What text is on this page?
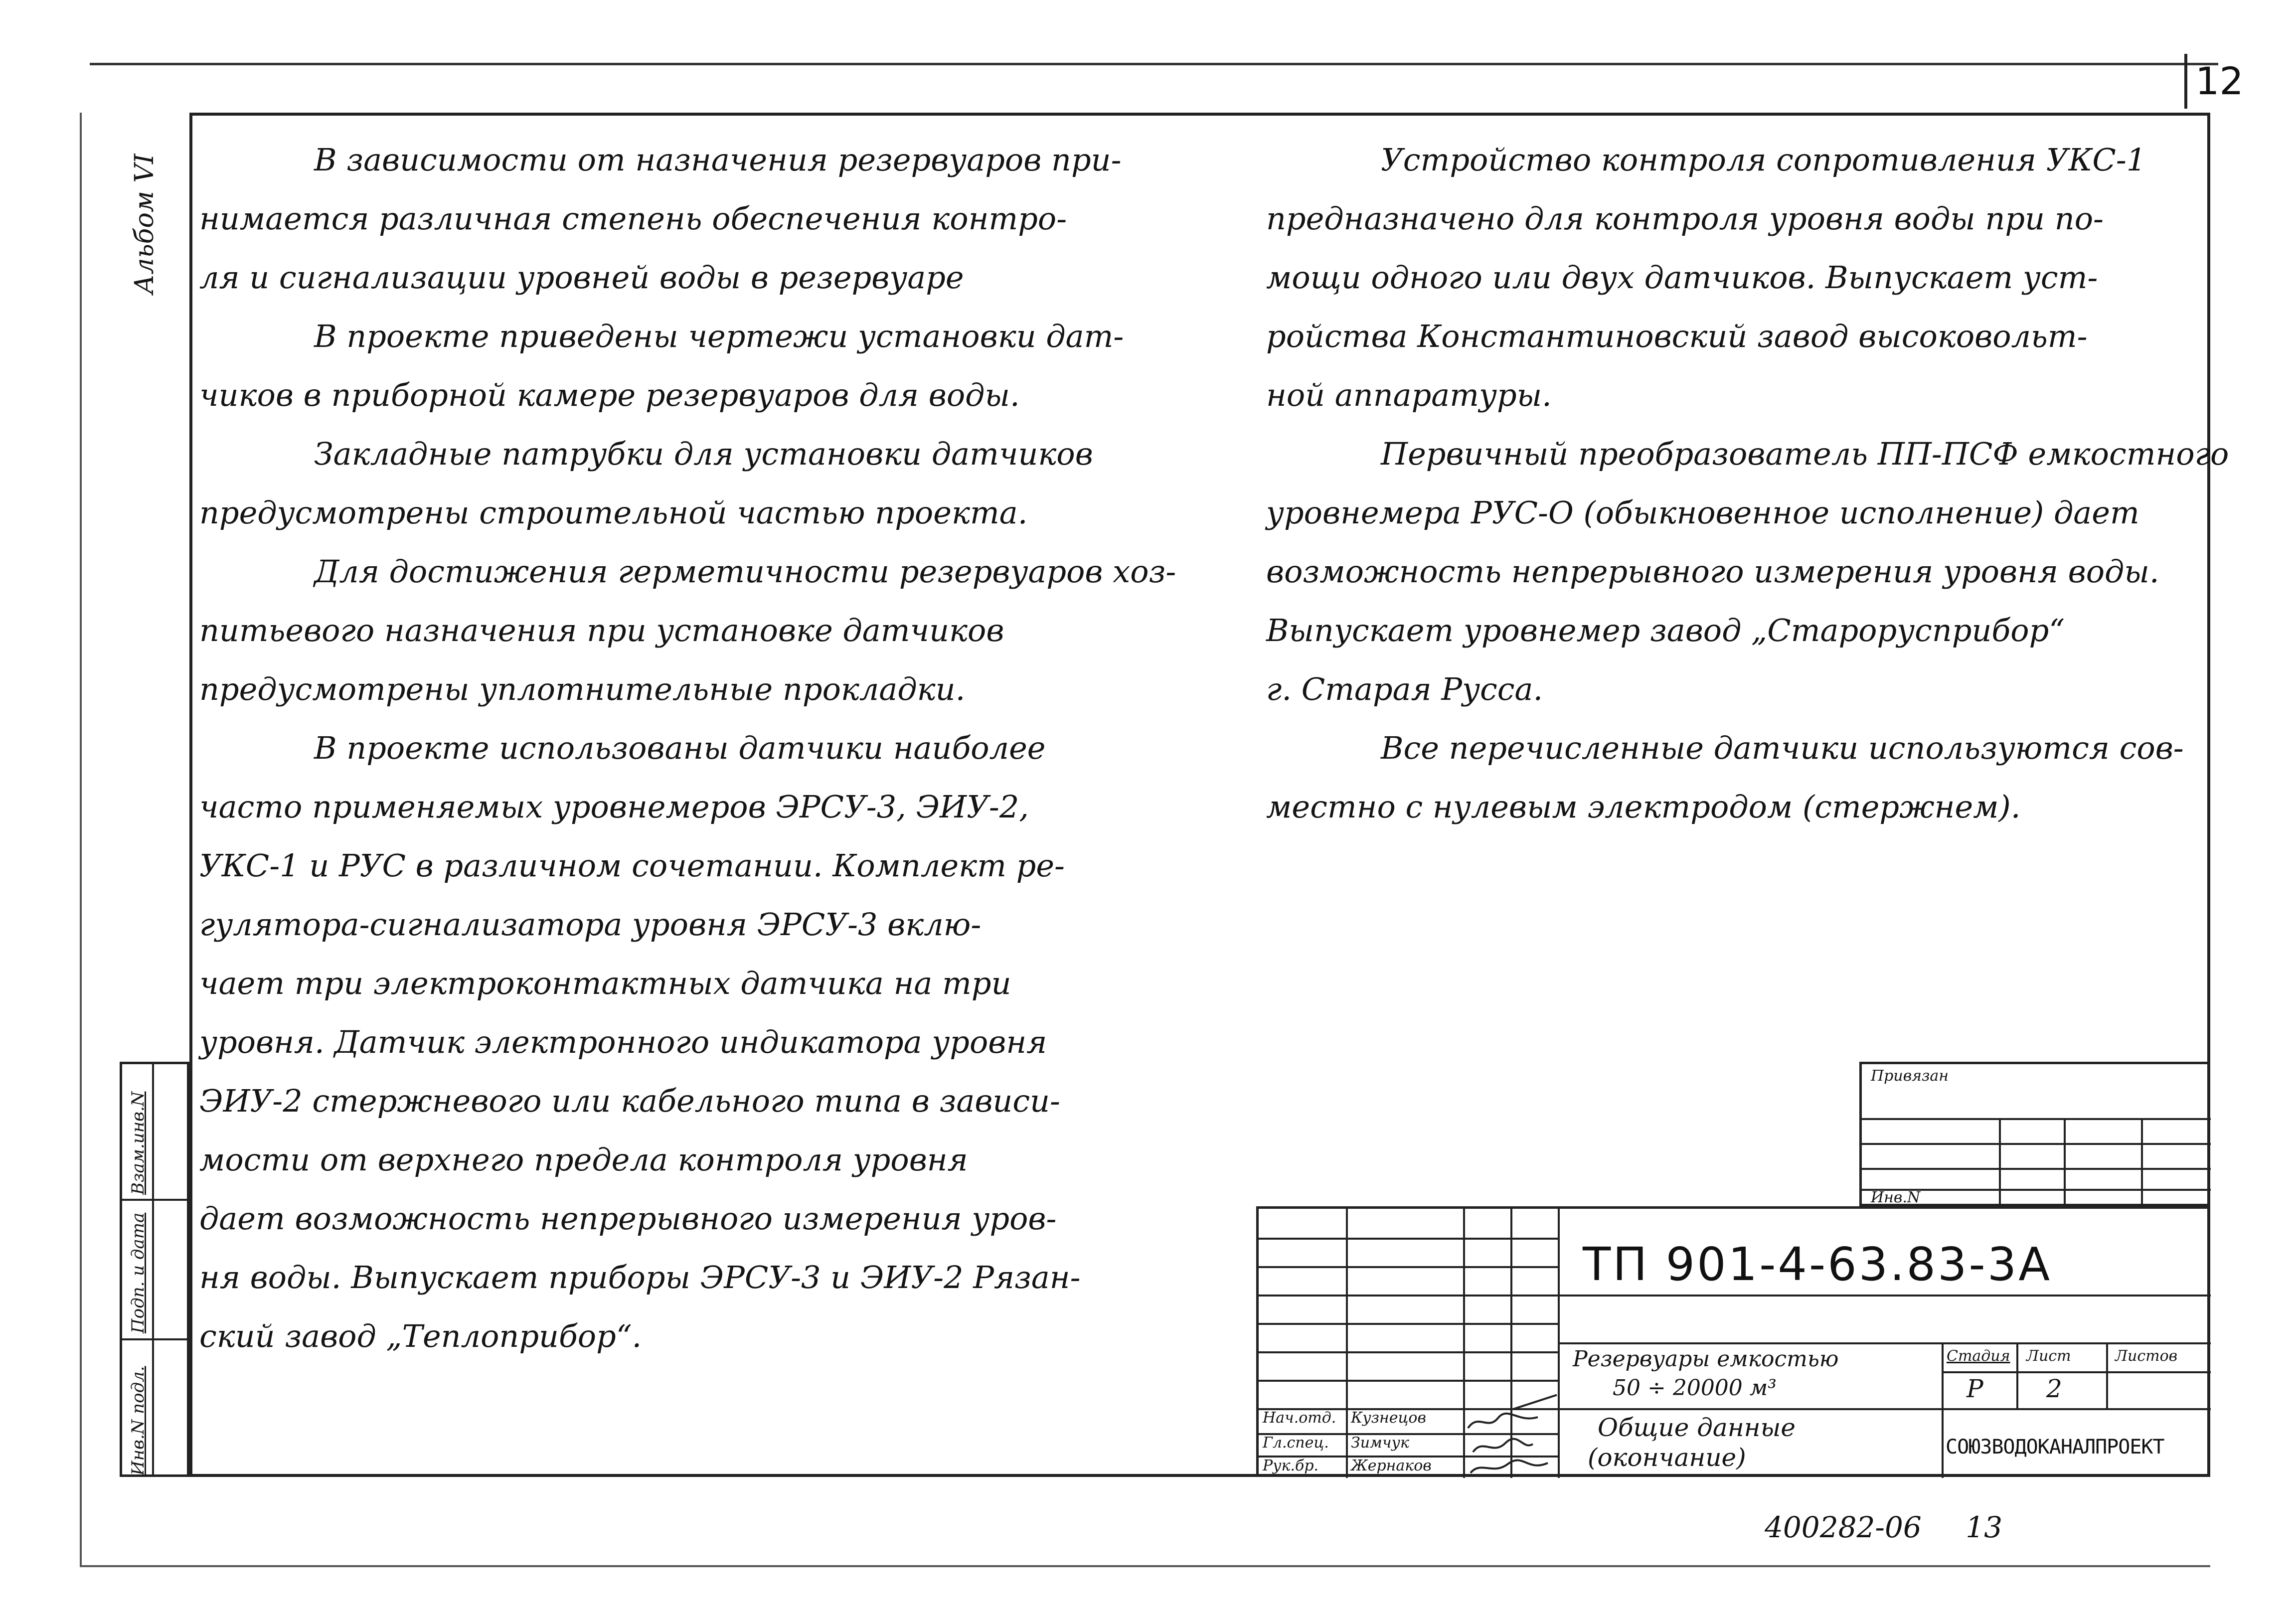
12
Альбом VI
Инв.N подл.
Подп. и дата
Взам.инв.N

В зависимости от назначения резервуаров при-

нимается различная степень обеспечения контро-

ля и сигнализации уровней воды в резервуаре

В проекте приведены чертежи установки дат-

чиков в приборной камере резервуаров для воды.

Закладные патрубки для установки датчиков

предусмотрены строительной частью проекта.

Для достижения герметичности резервуаров хоз-

питьевого назначения при установке датчиков

предусмотрены уплотнительные прокладки.

В проекте использованы датчики наиболее

часто применяемых уровнемеров ЭРСУ-3, ЭИУ-2,

УКС-1 и РУС в различном сочетании. Комплект ре-

гулятора-сигнализатора уровня ЭРСУ-3 вклю-

чает три электроконтактных датчика на три

уровня. Датчик электронного индикатора уровня

ЭИУ-2 стержневого или кабельного типа в зависи-

мости от верхнего предела контроля уровня

дает возможность непрерывного измерения уров-

ня воды. Выпускает приборы ЭРСУ-3 и ЭИУ-2 Рязан-

ский завод „Теплоприбор“.

Устройство контроля сопротивления УКС-1

предназначено для контроля уровня воды при по-

мощи одного или двух датчиков. Выпускает уст-

ройства Константиновский завод высоковольт-

ной аппаратуры.

Первичный преобразователь ПП-ПСФ емкостного

уровнемера РУС-О (обыкновенное исполнение) дает

возможность непрерывного измерения уровня воды.

Выпускает уровнемер завод „Старорусприбор“

г. Старая Русса.

Все перечисленные датчики используются сов-

местно с нулевым электродом (стержнем).

Привязан
Инв.N
Нач.отд. Кузнецов
Гл.спец. Зимчук
Рук.бр. Жернаков
ТП 901-4-63.83-3А
Резервуары емкостью
50 ÷ 20000 м³
Общие данные
(окончание)
Стадия Лист	Листов
Р	2
СОЮЗВОДОКАНАЛПРОЕКТ
400282-06 13
